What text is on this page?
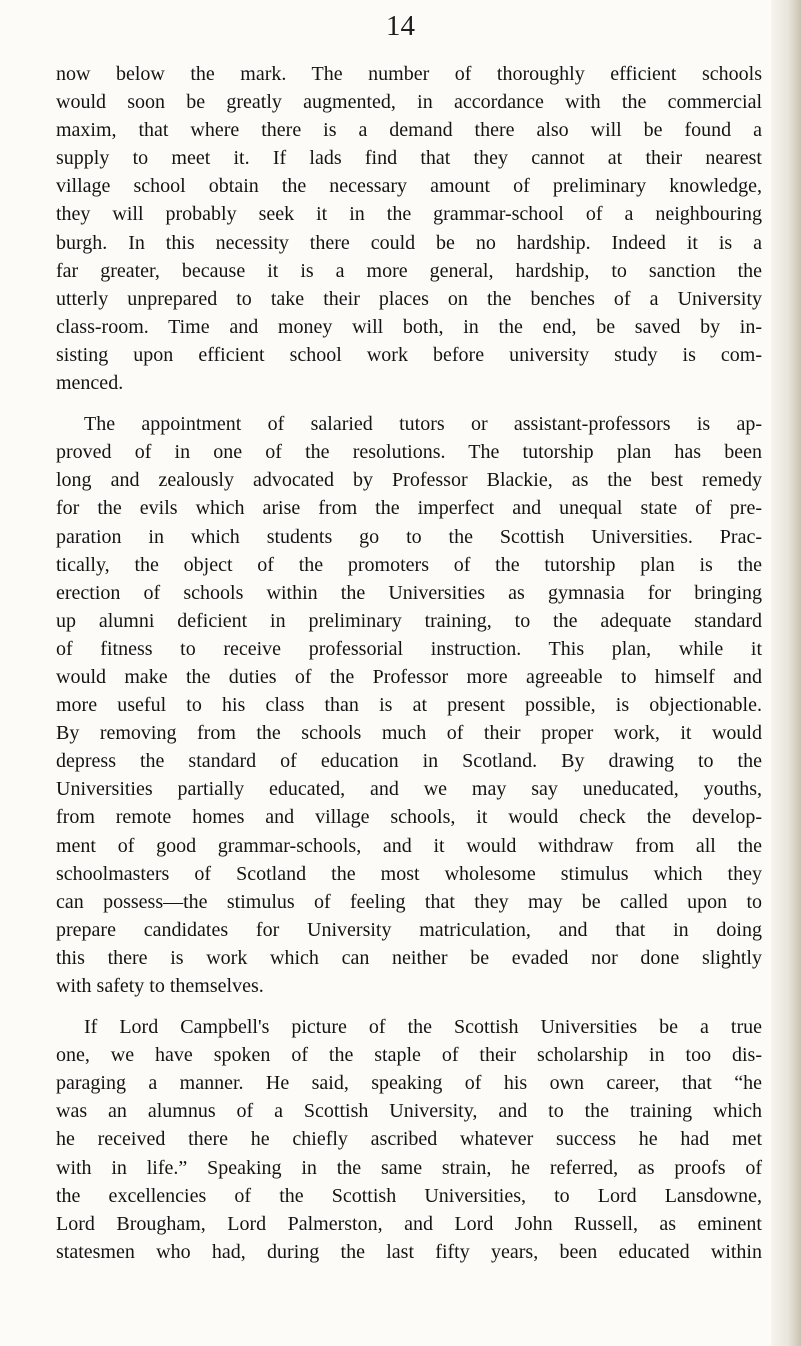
14
now below the mark. The number of thoroughly efficient schools
would soon be greatly augmented, in accordance with the commercial
maxim, that where there is a demand there also will be found a
supply to meet it. If lads find that they cannot at their nearest
village school obtain the necessary amount of preliminary knowledge,
they will probably seek it in the grammar-school of a neighbouring
burgh. In this necessity there could be no hardship. Indeed it is a
far greater, because it is a more general, hardship, to sanction the
utterly unprepared to take their places on the benches of a University
class-room. Time and money will both, in the end, be saved by in-
sisting upon efficient school work before university study is com-
menced.
The appointment of salaried tutors or assistant-professors is ap-
proved of in one of the resolutions. The tutorship plan has been
long and zealously advocated by Professor Blackie, as the best remedy
for the evils which arise from the imperfect and unequal state of pre-
paration in which students go to the Scottish Universities. Prac-
tically, the object of the promoters of the tutorship plan is the
erection of schools within the Universities as gymnasia for bringing
up alumni deficient in preliminary training, to the adequate standard
of fitness to receive professorial instruction. This plan, while it
would make the duties of the Professor more agreeable to himself and
more useful to his class than is at present possible, is objectionable.
By removing from the schools much of their proper work, it would
depress the standard of education in Scotland. By drawing to the
Universities partially educated, and we may say uneducated, youths,
from remote homes and village schools, it would check the develop-
ment of good grammar-schools, and it would withdraw from all the
schoolmasters of Scotland the most wholesome stimulus which they
can possess—the stimulus of feeling that they may be called upon to
prepare candidates for University matriculation, and that in doing
this there is work which can neither be evaded nor done slightly
with safety to themselves.
If Lord Campbell's picture of the Scottish Universities be a true
one, we have spoken of the staple of their scholarship in too dis-
paraging a manner. He said, speaking of his own career, that “he
was an alumnus of a Scottish University, and to the training which
he received there he chiefly ascribed whatever success he had met
with in life.” Speaking in the same strain, he referred, as proofs of
the excellencies of the Scottish Universities, to Lord Lansdowne,
Lord Brougham, Lord Palmerston, and Lord John Russell, as eminent
statesmen who had, during the last fifty years, been educated within
